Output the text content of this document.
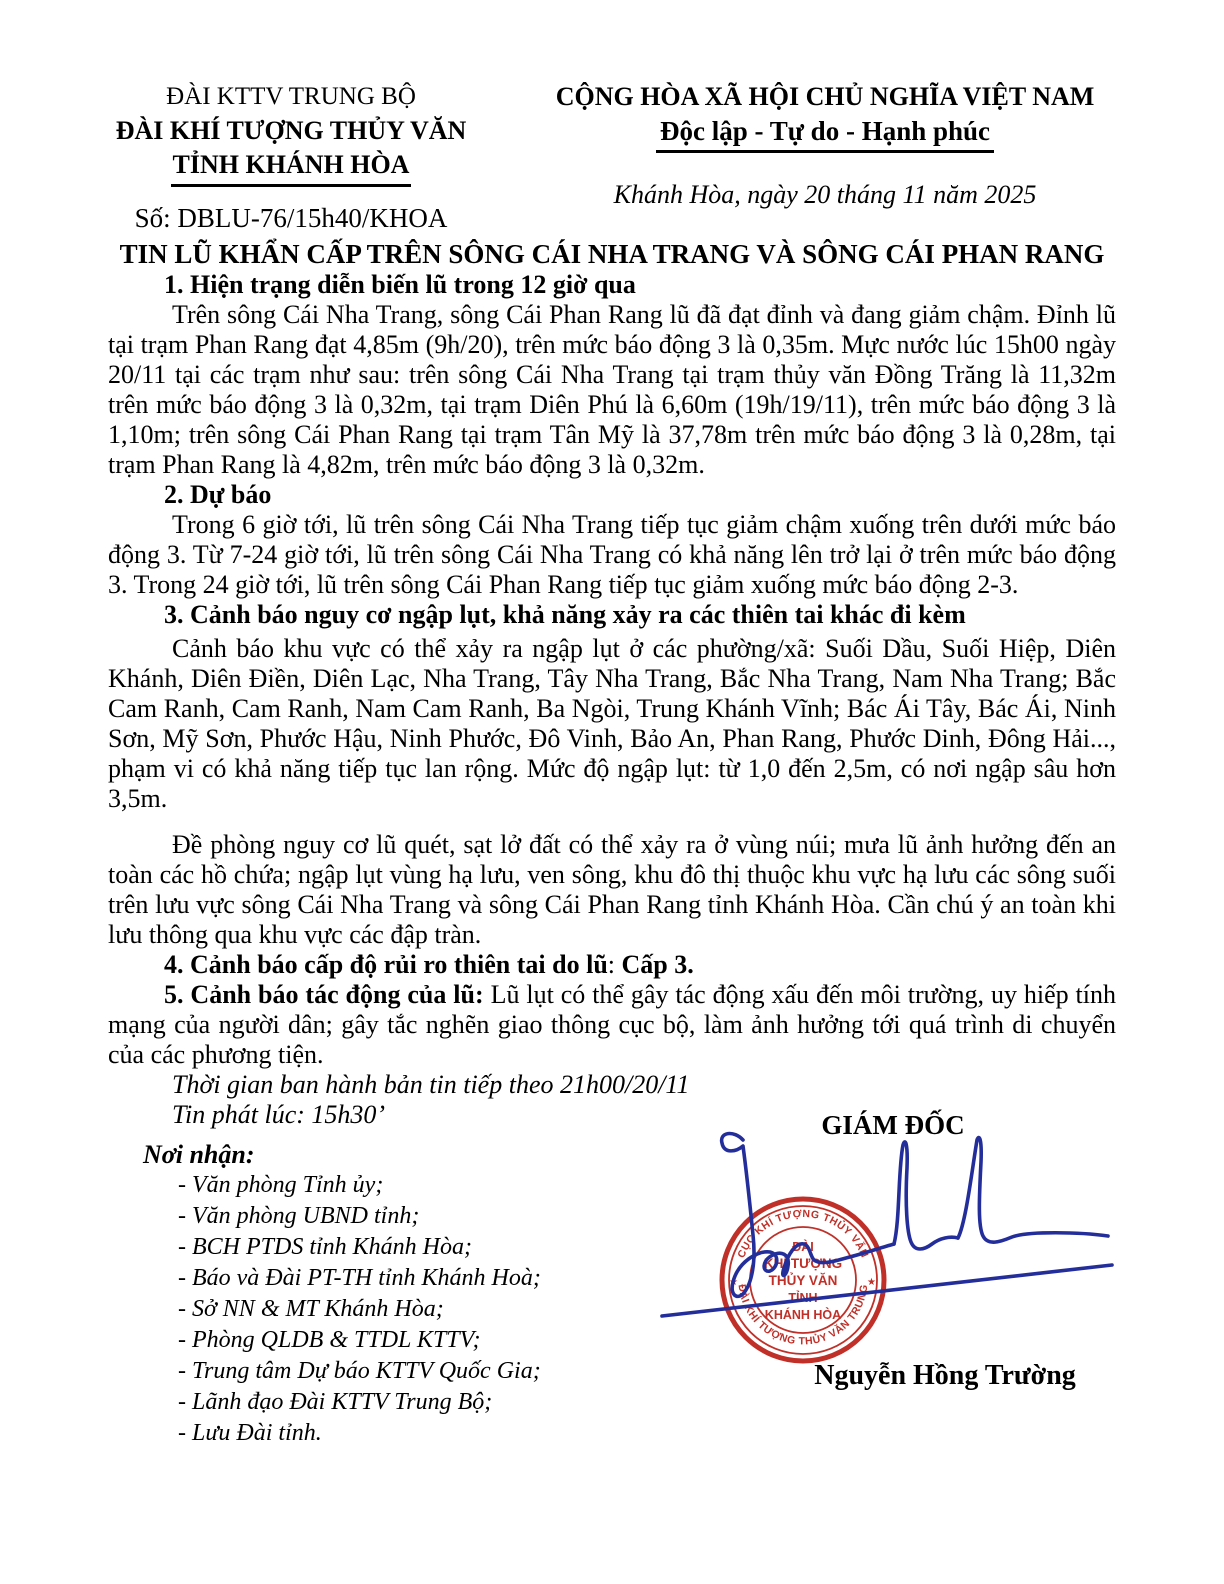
ĐÀI KTTV TRUNG BỘ
ĐÀI KHÍ TƯỢNG THỦY VĂN
TỈNH KHÁNH HÒA
Số: DBLU-76/15h40/KHOA
CỘNG HÒA XÃ HỘI CHỦ NGHĨA VIỆT NAM
Độc lập - Tự do - Hạnh phúc
Khánh Hòa, ngày 20 tháng 11 năm 2025

TIN LŨ KHẨN CẤP TRÊN SÔNG CÁI NHA TRANG VÀ SÔNG CÁI PHAN RANG

1. Hiện trạng diễn biến lũ trong 12 giờ qua

Trên sông Cái Nha Trang, sông Cái Phan Rang lũ đã đạt đỉnh và đang giảm chậm. Đỉnh lũ tại trạm Phan Rang đạt 4,85m (9h/20), trên mức báo động 3 là 0,35m. Mực nước lúc 15h00 ngày 20/11 tại các trạm như sau: trên sông Cái Nha Trang tại trạm thủy văn Đồng Trăng là 11,32m trên mức báo động 3 là 0,32m, tại trạm Diên Phú là 6,60m (19h/19/11), trên mức báo động 3 là 1,10m; trên sông Cái Phan Rang tại trạm Tân Mỹ là 37,78m trên mức báo động 3 là 0,28m, tại trạm Phan Rang là 4,82m, trên mức báo động 3 là 0,32m.

2. Dự báo

Trong 6 giờ tới, lũ trên sông Cái Nha Trang tiếp tục giảm chậm xuống trên dưới mức báo động 3. Từ 7-24 giờ tới, lũ trên sông Cái Nha Trang có khả năng lên trở lại ở trên mức báo động 3. Trong 24 giờ tới, lũ trên sông Cái Phan Rang tiếp tục giảm xuống mức báo động 2-3.

3. Cảnh báo nguy cơ ngập lụt, khả năng xảy ra các thiên tai khác đi kèm

Cảnh báo khu vực có thể xảy ra ngập lụt ở các phường/xã: Suối Dầu, Suối Hiệp, Diên Khánh, Diên Điền, Diên Lạc, Nha Trang, Tây Nha Trang, Bắc Nha Trang, Nam Nha Trang; Bắc Cam Ranh, Cam Ranh, Nam Cam Ranh, Ba Ngòi, Trung Khánh Vĩnh; Bác Ái Tây, Bác Ái, Ninh Sơn, Mỹ Sơn, Phước Hậu, Ninh Phước, Đô Vinh, Bảo An, Phan Rang, Phước Dinh, Đông Hải..., phạm vi có khả năng tiếp tục lan rộng. Mức độ ngập lụt: từ 1,0 đến 2,5m, có nơi ngập sâu hơn 3,5m.

Đề phòng nguy cơ lũ quét, sạt lở đất có thể xảy ra ở vùng núi; mưa lũ ảnh hưởng đến an toàn các hồ chứa; ngập lụt vùng hạ lưu, ven sông, khu đô thị thuộc khu vực hạ lưu các sông suối trên lưu vực sông Cái Nha Trang và sông Cái Phan Rang tỉnh Khánh Hòa. Cần chú ý an toàn khi lưu thông qua khu vực các đập tràn.

4. Cảnh báo cấp độ rủi ro thiên tai do lũ: Cấp 3.

5. Cảnh báo tác động của lũ: Lũ lụt có thể gây tác động xấu đến môi trường, uy hiếp tính mạng của người dân; gây tắc nghẽn giao thông cục bộ, làm ảnh hưởng tới quá trình di chuyển của các phương tiện.

Thời gian ban hành bản tin tiếp theo 21h00/20/11

Tin phát lúc: 15h30’

Nơi nhận:
- Văn phòng Tỉnh ủy;
- Văn phòng UBND tỉnh;
- BCH PTDS tỉnh Khánh Hòa;
- Báo và Đài PT-TH tỉnh Khánh Hoà;
- Sở NN & MT Khánh Hòa;
- Phòng QLDB & TTDL KTTV;
- Trung tâm Dự báo KTTV Quốc Gia;
- Lãnh đạo Đài KTTV Trung Bộ;
- Lưu Đài tỉnh.
GIÁM ĐỐC
CỤC KHÍ TƯỢNG THỦY VĂN
ĐÀI KHÍ TƯỢNG THỦY VĂN TRUNG
★	★
ĐÀI
KHÍ TƯỢNG
THỦY VĂN
TỈNH
KHÁNH HÒA
Nguyễn Hồng Trường
